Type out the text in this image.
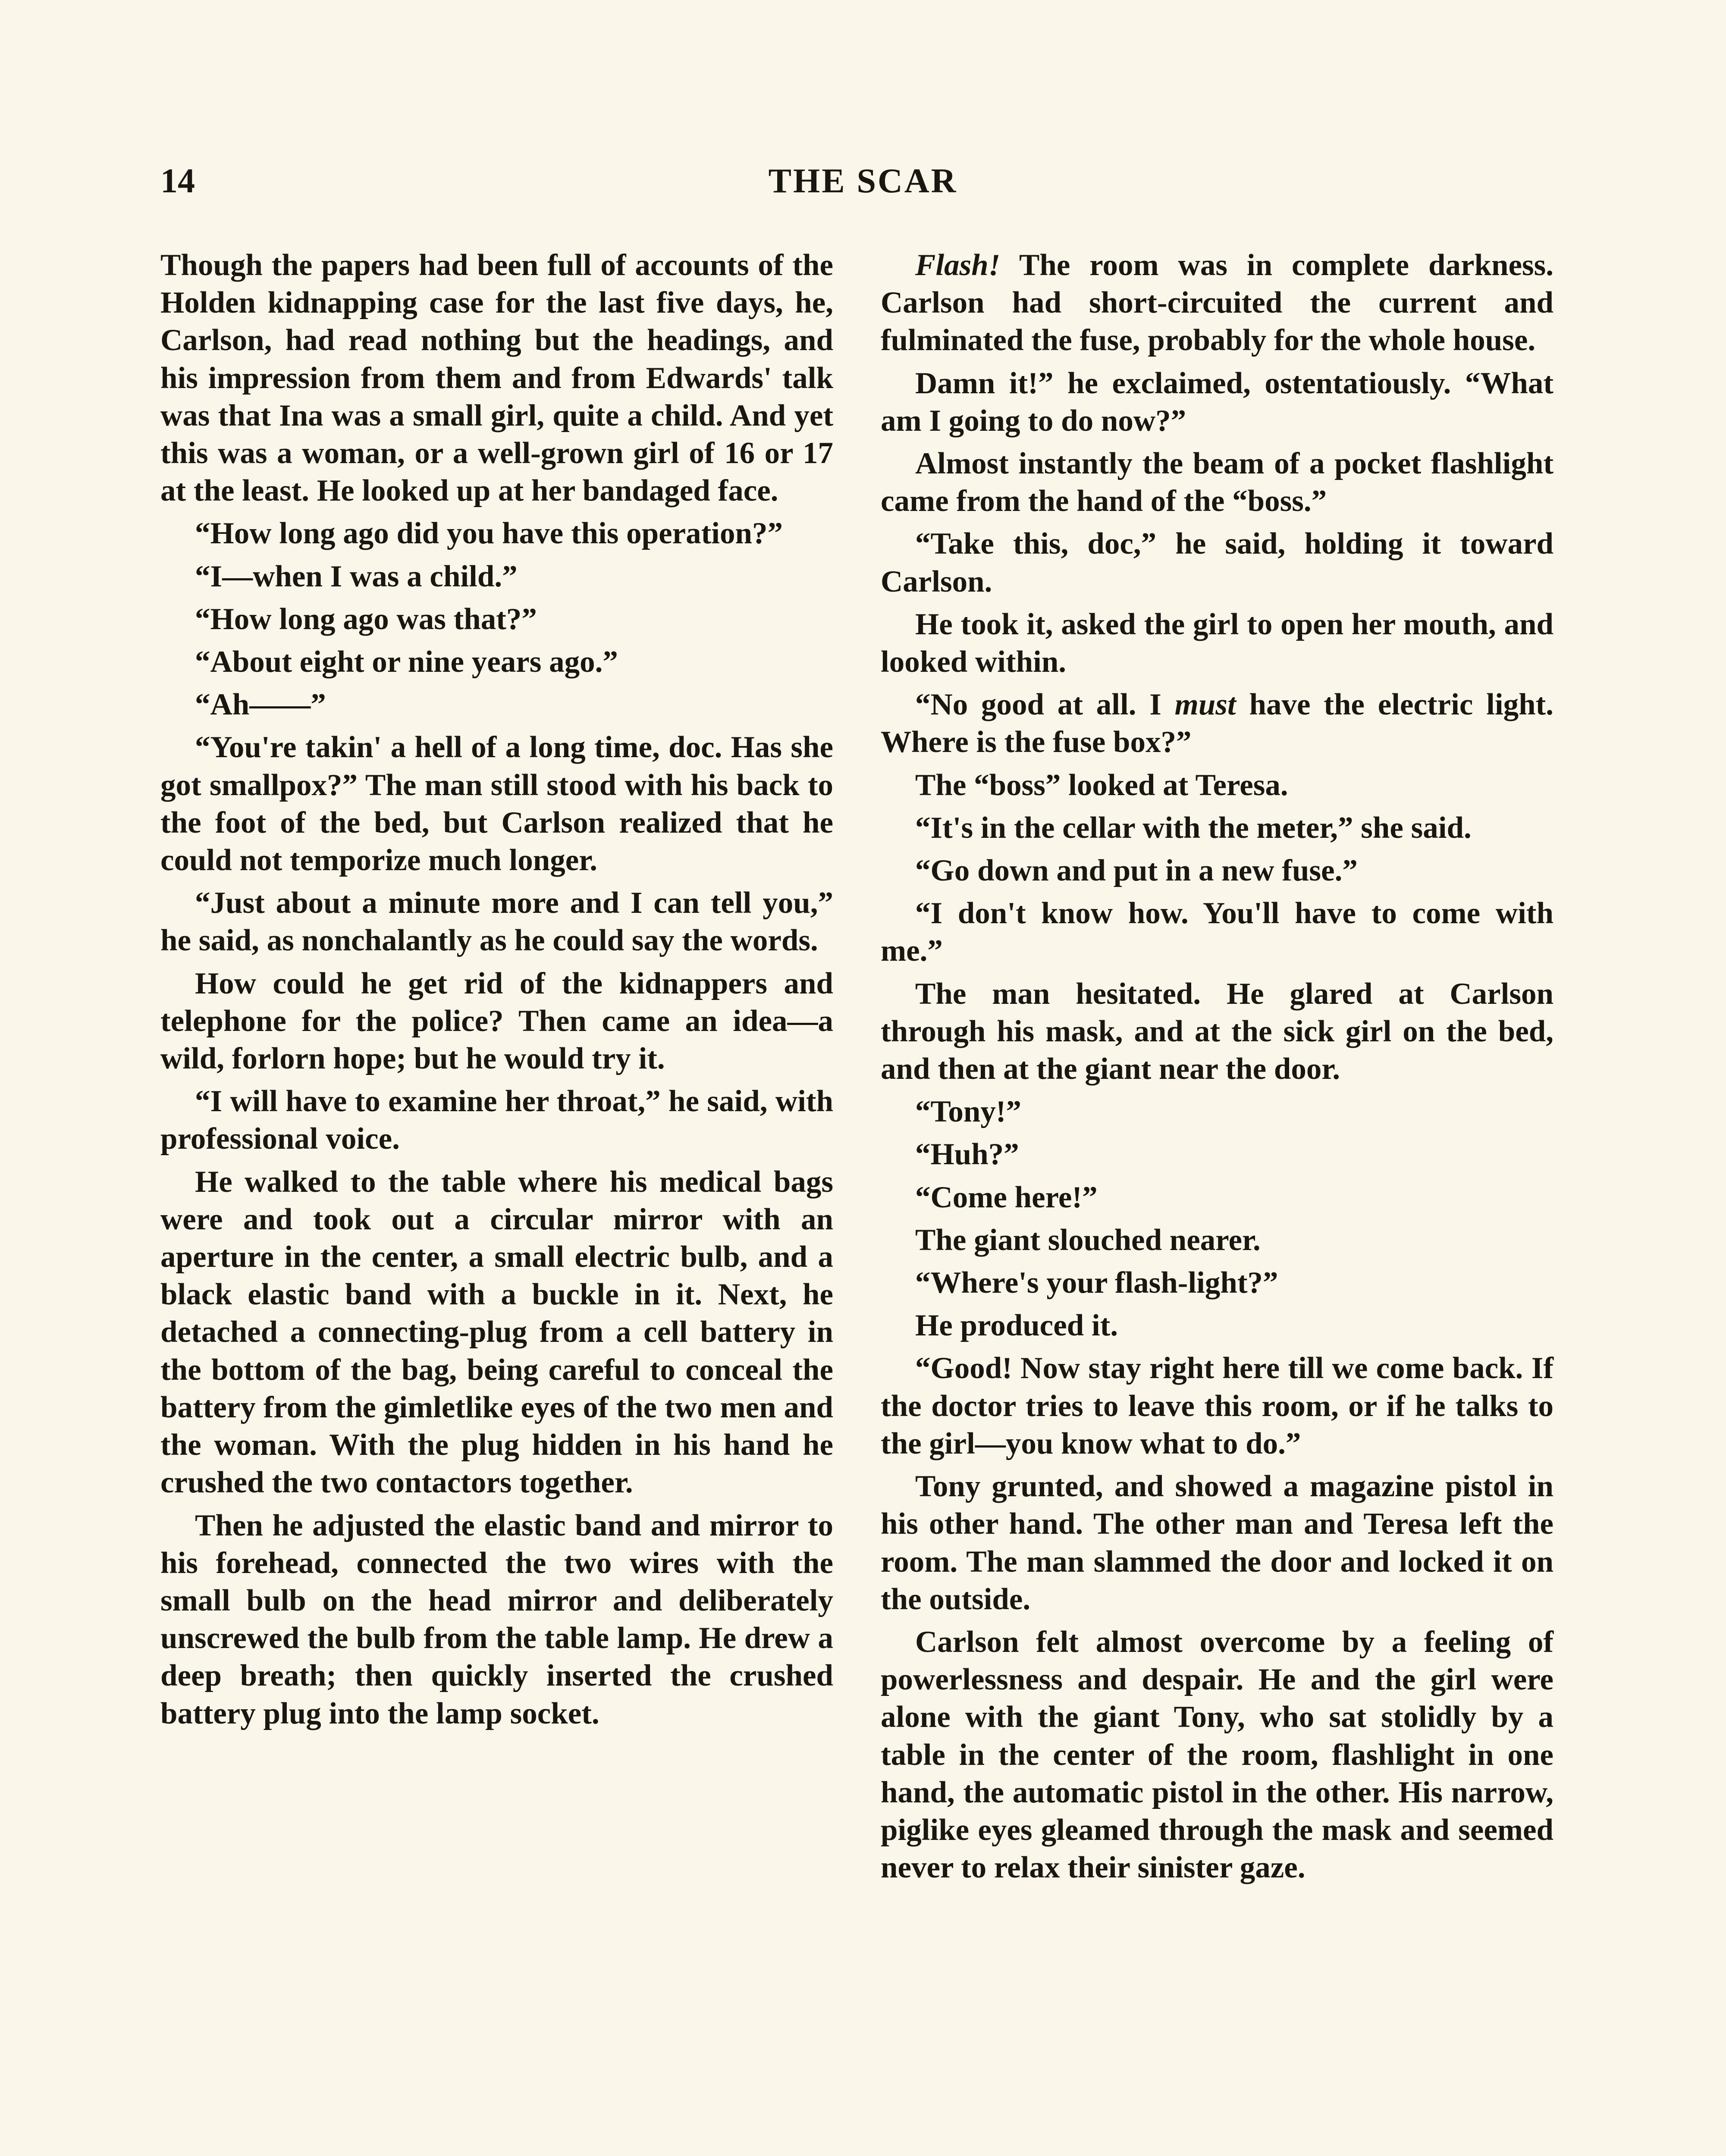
14	THE SCAR

Though the papers had been full of accounts of the Holden kidnapping case for the last five days, he, Carlson, had read nothing but the headings, and his impression from them and from Edwards' talk was that Ina was a small girl, quite a child. And yet this was a woman, or a well-grown girl of 16 or 17 at the least. He looked up at her bandaged face.

“How long ago did you have this operation?”

“I—when I was a child.”

“How long ago was that?”

“About eight or nine years ago.”

“Ah——”

“You're takin' a hell of a long time, doc. Has she got smallpox?” The man still stood with his back to the foot of the bed, but Carlson realized that he could not temporize much longer.

“Just about a minute more and I can tell you,” he said, as nonchalantly as he could say the words.

How could he get rid of the kidnappers and telephone for the police? Then came an idea—a wild, forlorn hope; but he would try it.

“I will have to examine her throat,” he said, with professional voice.

He walked to the table where his medical bags were and took out a circular mirror with an aperture in the center, a small electric bulb, and a black elastic band with a buckle in it. Next, he detached a connecting-plug from a cell battery in the bottom of the bag, being careful to conceal the battery from the gimletlike eyes of the two men and the woman. With the plug hidden in his hand he crushed the two contactors together.

Then he adjusted the elastic band and mirror to his forehead, connected the two wires with the small bulb on the head mirror and deliberately unscrewed the bulb from the table lamp. He drew a deep breath; then quickly inserted the crushed battery plug into the lamp socket.

Flash! The room was in complete darkness. Carlson had short-circuited the current and fulminated the fuse, probably for the whole house.

Damn it!” he exclaimed, ostentatiously. “What am I going to do now?”

Almost instantly the beam of a pocket flashlight came from the hand of the “boss.”

“Take this, doc,” he said, holding it toward Carlson.

He took it, asked the girl to open her mouth, and looked within.

“No good at all. I must have the electric light. Where is the fuse box?”

The “boss” looked at Teresa.

“It's in the cellar with the meter,” she said.

“Go down and put in a new fuse.”

“I don't know how. You'll have to come with me.”

The man hesitated. He glared at Carlson through his mask, and at the sick girl on the bed, and then at the giant near the door.

“Tony!”

“Huh?”

“Come here!”

The giant slouched nearer.

“Where's your flash-light?”

He produced it.

“Good! Now stay right here till we come back. If the doctor tries to leave this room, or if he talks to the girl—you know what to do.”

Tony grunted, and showed a magazine pistol in his other hand. The other man and Teresa left the room. The man slammed the door and locked it on the outside.

Carlson felt almost overcome by a feeling of powerlessness and despair. He and the girl were alone with the giant Tony, who sat stolidly by a table in the center of the room, flashlight in one hand, the automatic pistol in the other. His narrow, piglike eyes gleamed through the mask and seemed never to relax their sinister gaze.
